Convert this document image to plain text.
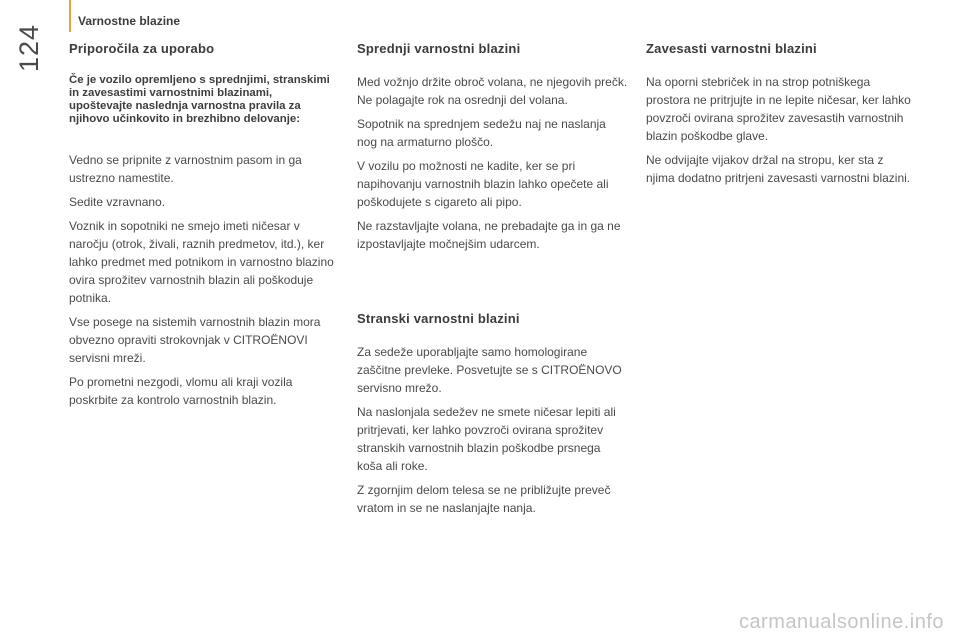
124
Varnostne blazine
Priporočila za uporabo
Če je vozilo opremljeno s sprednjimi, stranskimi in zavesastimi varnostnimi blazinami, upoštevajte naslednja varnostna pravila za njihovo učinkovito in brezhibno delovanje:

Vedno se pripnite z varnostnim pasom in ga ustrezno namestite.

Sedite vzravnano.

Voznik in sopotniki ne smejo imeti ničesar v naročju (otrok, živali, raznih predmetov, itd.), ker lahko predmet med potnikom in varnostno blazino ovira sprožitev varnostnih blazin ali poškoduje potnika.

Vse posege na sistemih varnostnih blazin mora obvezno opraviti strokovnjak v CITROËNOVI servisni mreži.

Po prometni nezgodi, vlomu ali kraji vozila poskrbite za kontrolo varnostnih blazin.

Sprednji varnostni blazini

Med vožnjo držite obroč volana, ne njegovih prečk. Ne polagajte rok na osrednji del volana.

Sopotnik na sprednjem sedežu naj ne naslanja nog na armaturno ploščo.

V vozilu po možnosti ne kadite, ker se pri napihovanju varnostnih blazin lahko opečete ali poškodujete s cigareto ali pipo.

Ne razstavljajte volana, ne prebadajte ga in ga ne izpostavljajte močnejšim udarcem.

Stranski varnostni blazini

Za sedeže uporabljajte samo homologirane zaščitne prevleke. Posvetujte se s CITROËNOVO servisno mrežo.

Na naslonjala sedežev ne smete ničesar lepiti ali pritrjevati, ker lahko povzroči ovirana sprožitev stranskih varnostnih blazin poškodbe prsnega koša ali roke.

Z zgornjim delom telesa se ne približujte preveč vratom in se ne naslanjajte nanja.

Zavesasti varnostni blazini

Na oporni stebriček in na strop potniškega prostora ne pritrjujte in ne lepite ničesar, ker lahko povzroči ovirana sprožitev zavesastih varnostnih blazin poškodbe glave.

Ne odvijajte vijakov držal na stropu, ker sta z njima dodatno pritrjeni zavesasti varnostni blazini.

carmanualsonline.info
